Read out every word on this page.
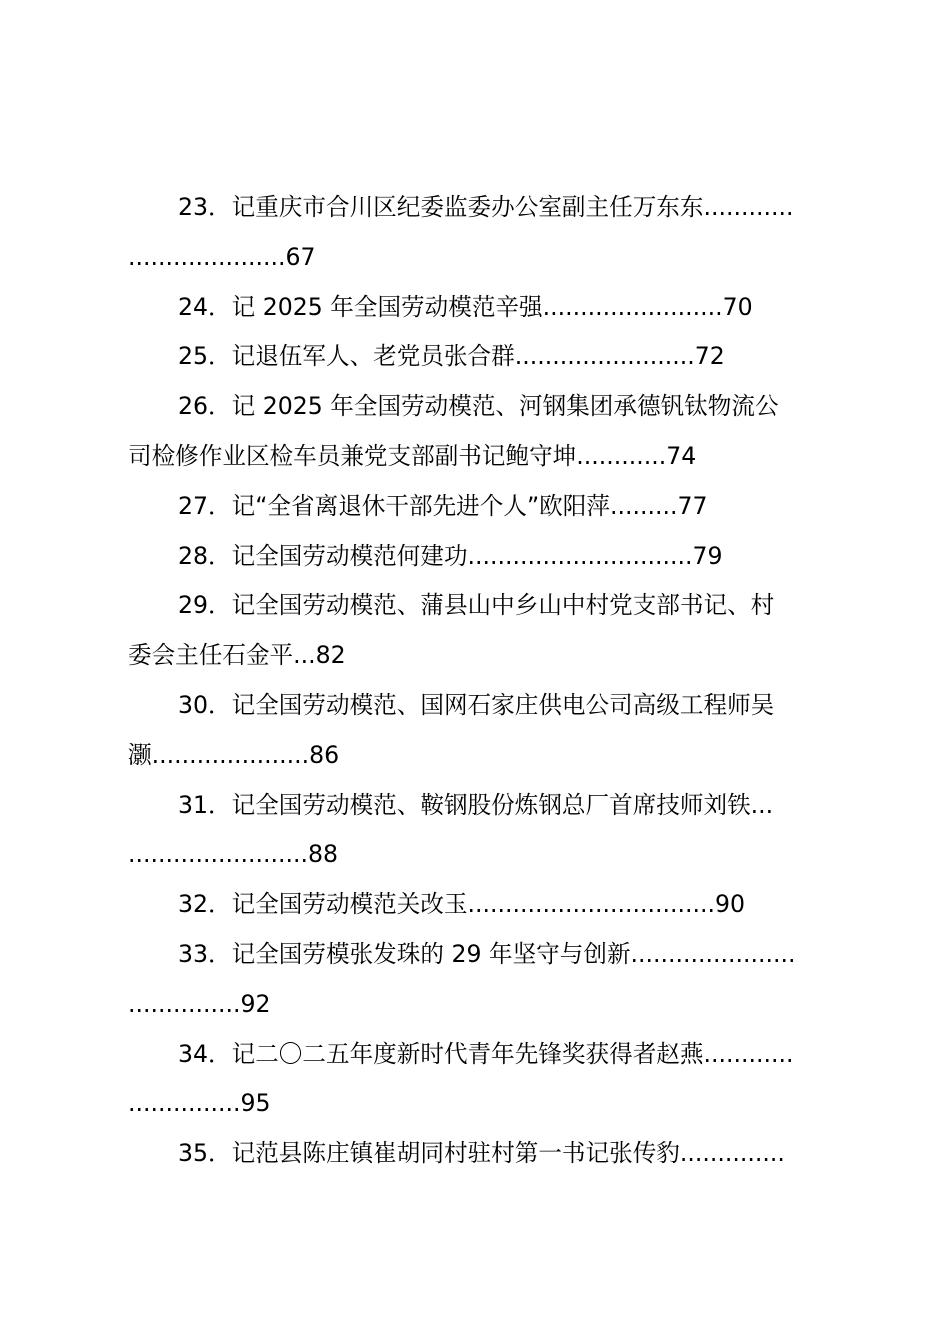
23．记重庆市合川区纪委监委办公室副主任万东东............
.....................67
24．记 2025 年全国劳动模范辛强........................70
25．记退伍军人、老党员张合群........................72
26．记 2025 年全国劳动模范、河钢集团承德钒钛物流公
司检修作业区检车员兼党支部副书记鲍守坤............74
27．记“全省离退休干部先进个人”欧阳萍.........77
28．记全国劳动模范何建功..............................79
29．记全国劳动模范、蒲县山中乡山中村党支部书记、村
委会主任石金平...82
30．记全国劳动模范、国网石家庄供电公司高级工程师吴
灏.....................86
31．记全国劳动模范、鞍钢股份炼钢总厂首席技师刘铁...
........................88
32．记全国劳动模范关改玉.................................90
33．记全国劳模张发珠的 29 年坚守与创新......................
...............92
34．记二〇二五年度新时代青年先锋奖获得者赵燕............
...............95
35．记范县陈庄镇崔胡同村驻村第一书记张传豹..............
